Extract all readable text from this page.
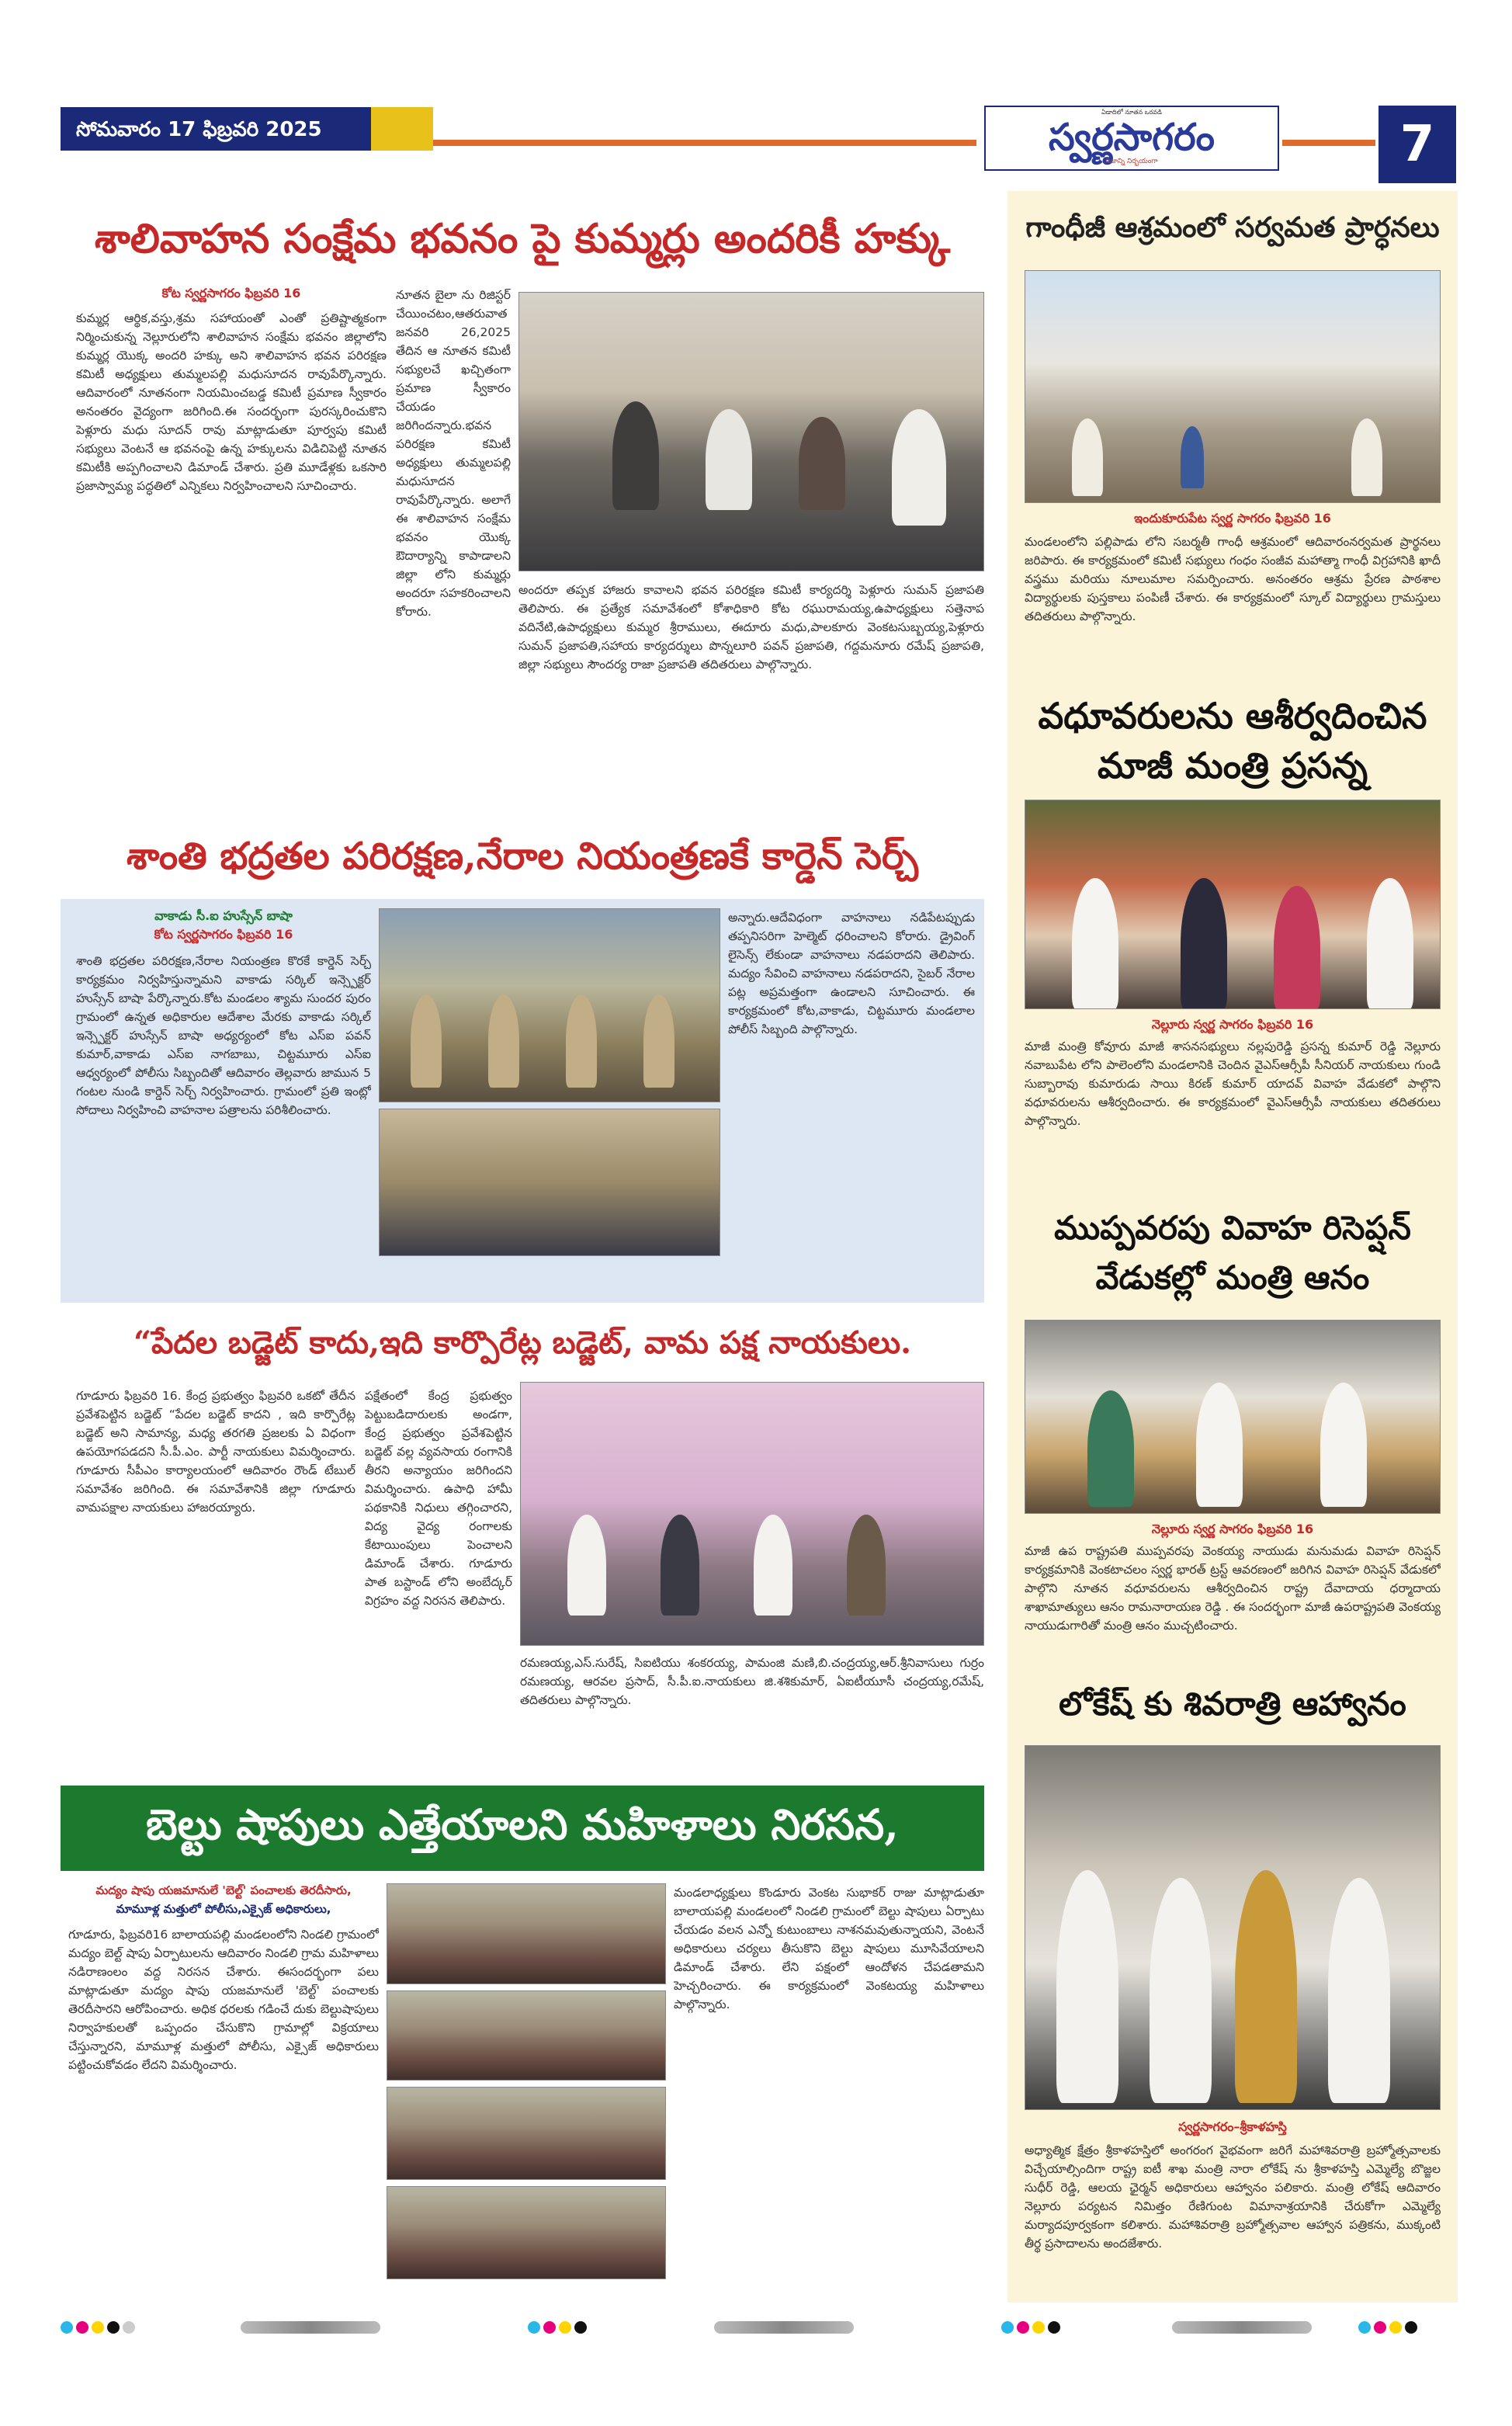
సోమవారం 17 ఫిబ్రవరి 2025
ఏడాదిలో నూతన ఒరవడి
స్వర్ణసాగరం
నిజాన్ని నిర్భయంగా	7
శాలివాహన సంక్షేమ భవనం పై కుమ్మర్లు అందరికీ హక్కు
కోట స్వర్ణసాగరం ఫిబ్రవరి 16
కుమ్మర్ల ఆర్థిక,వస్తు,శ్రమ సహాయంతో ఎంతో ప్రతిష్టాత్మకంగా నిర్మించుకున్న నెల్లూరులోని శాలివాహన సంక్షేమ భవనం జిల్లాలోని కుమ్మర్ల యొక్క అందరి హక్కు అని శాలివాహన భవన పరిరక్షణ కమిటీ అధ్యక్షులు తుమ్మలపల్లి మధుసూదన రావుపేర్కొన్నారు. ఆదివారంలో నూతనంగా నియమించబడ్డ కమిటీ ప్రమాణ స్వీకారం అనంతరం వైద్యంగా జరిగింది.ఈ సందర్భంగా పురస్కరించుకొని పెళ్లూరు మధు సూదన్ రావు మాట్లాడుతూ పూర్వపు కమిటీ సభ్యులు వెంటనే ఆ భవనంపై ఉన్న హక్కులను విడిచిపెట్టి నూతన కమిటీకి అప్పగించాలని డిమాండ్ చేశారు. ప్రతి మూడేళ్లకు ఒకసారి ప్రజాస్వామ్య పద్ధతిలో ఎన్నికలు నిర్వహించాలని సూచించారు.
నూతన బైలా ను రిజిస్టర్ చేయించటం,ఆతరువాత జనవరి 26,2025 తేదిన ఆ నూతన కమిటీ సభ్యులచే ఖచ్చితంగా ప్రమాణ స్వీకారం చేయడం జరిగిందన్నారు.భవన పరిరక్షణ కమిటీ అధ్యక్షులు తుమ్మలపల్లి మధుసూదన రావుపేర్కొన్నారు. అలాగే ఈ శాలివాహన సంక్షేమ భవనం యొక్క ఔదార్యాన్ని కాపాడాలని జిల్లా లోని కుమ్మర్లు అందరూ సహకరించాలని కోరారు.
అందరూ తప్పక హాజరు కావాలని భవన పరిరక్షణ కమిటీ కార్యదర్శి పెళ్లూరు సుమన్ ప్రజాపతి తెలిపారు. ఈ ప్రత్యేక సమావేశంలో కోశాధికారి కోట రఘురామయ్య,ఉపాధ్యక్షులు సత్తెనాప వదినేటి,ఉపాధ్యక్షులు కుమ్మర శ్రీరాములు, ఈదూరు మధు,పాలకూరు వెంకటసుబ్బయ్య,పెళ్లూరు సుమన్ ప్రజాపతి,సహాయ కార్యదర్శులు పొన్నలూరి పవన్ ప్రజాపతి, గద్దమనూరు రమేష్ ప్రజాపతి, జిల్లా సభ్యులు సౌందర్య రాజా ప్రజాపతి తదితరులు పాల్గొన్నారు.
శాంతి భద్రతల పరిరక్షణ,నేరాల నియంత్రణకే కార్డెన్ సెర్చ్
వాకాడు సీ.ఐ హుస్సేన్ బాషా
కోట స్వర్ణసాగరం ఫిబ్రవరి 16
శాంతి భద్రతల పరిరక్షణ,నేరాల నియంత్రణ కొరకే కార్డెన్ సెర్చ్ కార్యక్రమం నిర్వహిస్తున్నామని వాకాడు సర్కిల్ ఇన్స్పెక్టర్ హుస్సేన్ బాషా పేర్కొన్నారు.కోట మండలం శ్యామ సుందర పురం గ్రామంలో ఉన్నత అధికారుల ఆదేశాల మేరకు వాకాడు సర్కిల్ ఇన్స్పెక్టర్ హుస్సేన్ బాషా అధ్యర్యంలో కోట ఎస్ఐ పవన్ కుమార్,వాకాడు ఎస్ఐ నాగబాబు, చిట్టమూరు ఎస్ఐ ఆధ్వర్యంలో పోలీసు సిబ్బందితో ఆదివారం తెల్లవారు జామున 5 గంటల నుండి కార్డెన్ సెర్చ్ నిర్వహించారు. గ్రామంలో ప్రతి ఇంట్లో సోదాలు నిర్వహించి వాహనాల పత్రాలను పరిశీలించారు.
అన్నారు.ఆదేవిధంగా వాహనాలు నడిపేటప్పుడు తప్పనిసరిగా హెల్మెట్ ధరించాలని కోరారు. డ్రైవింగ్ లైసెన్స్ లేకుండా వాహనాలు నడపరాదని తెలిపారు. మద్యం సేవించి వాహనాలు నడపరాదని, సైబర్ నేరాల పట్ల అప్రమత్తంగా ఉండాలని సూచించారు. ఈ కార్యక్రమంలో కోట,వాకాడు, చిట్టమూరు మండలాల పోలీస్ సిబ్బంది పాల్గొన్నారు.
“పేదల బడ్జెట్ కాదు,ఇది కార్పొరేట్ల బడ్జెట్, వామ పక్ష నాయకులు.
గూడూరు ఫిబ్రవరి 16. కేంద్ర ప్రభుత్వం ఫిబ్రవరి ఒకటో తేదీన ప్రవేశపెట్టిన బడ్జెట్ “పేదల బడ్జెట్ కాదని , ఇది కార్పొరేట్ల బడ్జెట్ అని సామాన్య, మధ్య తరగతి ప్రజలకు ఏ విధంగా ఉపయోగపడదని సీ.పీ.ఎం. పార్టీ నాయకులు విమర్శించారు. గూడూరు సీపీఎం కార్యాలయంలో ఆదివారం రౌండ్ టేబుల్ సమావేశం జరిగింది. ఈ సమావేశానికి జిల్లా గూడూరు వామపక్షాల నాయకులు హాజరయ్యారు.
పక్షేతంలో కేంద్ర ప్రభుత్వం పెట్టుబడిదారులకు అండగా, కేంద్ర ప్రభుత్వం ప్రవేశపెట్టిన బడ్జెట్ వల్ల వ్యవసాయ రంగానికి తీరని అన్యాయం జరిగిందని విమర్శించారు. ఉపాధి హామీ పథకానికి నిధులు తగ్గించారని, విద్య వైద్య రంగాలకు కేటాయింపులు పెంచాలని డిమాండ్ చేశారు. గూడూరు పాత బస్టాండ్ లోని అంబేద్కర్ విగ్రహం వద్ద నిరసన తెలిపారు.
రమణయ్య,ఎస్.సురేష్, సిఐటియు శంకరయ్య, పామంజి మణి,బి.చంద్రయ్య,ఆర్.శ్రీనివాసులు గుర్రం రమణయ్య, ఆరవల ప్రసాద్, సీ.పీ.ఐ.నాయకులు జి.శశికుమార్, ఏఐటీయూసీ చంద్రయ్య,రమేష్, తదితరులు పాల్గొన్నారు.
బెల్టు షాపులు ఎత్తేయాలని మహిళాలు నిరసన,
మద్యం షాపు యజమానులే 'బెల్ట్' పంచాలకు తెరదీసారు,
మామూళ్ల మత్తులో పోలీసు,ఎక్సైజ్ అధికారులు,
గూడూరు, ఫిబ్రవరి16 బాలాయపల్లి మండలంలోని నిండలి గ్రామంలో మద్యం బెల్ట్ షాపు ఏర్పాటులను ఆదివారం నిండలి గ్రామ మహిళాలు నడిరాణంలం వద్ద నిరసన చేశారు. ఈసందర్భంగా పలు మాట్లాడుతూ మద్యం షాపు యజమానులే 'బెల్ట్' పంచాలకు తెరదీసారని ఆరోపించారు. అధిక ధరలకు గడించే దుకు బెల్టుషాపులు నిర్వాహకులతో ఒప్పందం చేసుకొని గ్రామాల్లో విక్రయాలు చేస్తున్నారని, మామూళ్ల మత్తులో పోలీసు, ఎక్సైజ్ అధికారులు పట్టించుకోవడం లేదని విమర్శించారు.
మండలాధ్యక్షులు కొండూరు వెంకట సుభాకర్ రాజు మాట్లాడుతూ బాలాయపల్లి మండలంలో నిండలి గ్రామంలో బెల్టు షాపులు ఏర్పాటు చేయడం వలన ఎన్నో కుటుంబాలు నాశనమవుతున్నాయని, వెంటనే అధికారులు చర్యలు తీసుకొని బెల్టు షాపులు మూసివేయాలని డిమాండ్ చేశారు. లేని పక్షంలో ఆందోళన చేపడతామని హెచ్చరించారు. ఈ కార్యక్రమంలో వెంకటయ్య మహిళాలు పాల్గొన్నారు.
గాంధీజీ ఆశ్రమంలో సర్వమత ప్రార్ధనలు
ఇందుకూరుపేట స్వర్ణ సాగరం ఫిబ్రవరి 16
మండలంలోని పల్లిపాడు లోని సబర్మతీ గాంధీ ఆశ్రమంలో ఆదివారంనర్వమత ప్రార్థనలు జరిపారు. ఈ కార్యక్రమంలో కమిటీ సభ్యులు గంధం సంజీవ మహాత్మా గాంధీ విగ్రహానికి ఖాదీ వస్త్రము మరియు నూలుమాల సమర్పించారు. అనంతరం ఆశ్రమ ప్రేరణ పాఠశాల విద్యార్థులకు పుస్తకాలు పంపిణీ చేశారు. ఈ కార్యక్రమంలో స్కూల్ విద్యార్థులు గ్రామస్తులు తదితరులు పాల్గొన్నారు.
వధూవరులను ఆశీర్వదించిన మాజీ మంత్రి ప్రసన్న
నెల్లూరు స్వర్ణ సాగరం ఫిబ్రవరి 16
మాజీ మంత్రి కోవూరు మాజీ శాసనసభ్యులు నల్లపురెడ్డి ప్రసన్న కుమార్ రెడ్డి నెల్లూరు నవాబుపేట లోని పాలెంలోని మండలానికి చెందిన వైఎస్ఆర్సీపీ సీనియర్ నాయకులు గుండి సుబ్బారావు కుమారుడు సాయి కిరణ్ కుమార్ యాదవ్ వివాహ వేడుకలో పాల్గొని వధూవరులను ఆశీర్వదించారు. ఈ కార్యక్రమంలో వైఎస్ఆర్సీపీ నాయకులు తదితరులు పాల్గొన్నారు.
ముప్పవరపు వివాహ రిసెప్షన్
వేడుకల్లో మంత్రి ఆనం
నెల్లూరు స్వర్ణ సాగరం ఫిబ్రవరి 16
మాజీ ఉప రాష్ట్రపతి ముప్పవరపు వెంకయ్య నాయుడు మనుమడు వివాహ రిసెప్షన్ కార్యక్రమానికి వెంకటాచలం స్వర్ణ భారత్ ట్రస్ట్ ఆవరణంలో జరిగిన వివాహ రిసెప్షన్ వేడుకలో పాల్గొని నూతన వధూవరులను ఆశీర్వదించిన రాష్ట్ర దేవాదాయ ధర్మాదాయ శాఖామాత్యులు ఆనం రామనారాయణ రెడ్డి . ఈ సందర్భంగా మాజీ ఉపరాష్ట్రపతి వెంకయ్య నాయుడుగారితో మంత్రి ఆనం ముచ్చటించారు.
లోకేష్ కు శివరాత్రి ఆహ్వానం
స్వర్ణసాగరం–శ్రీకాళహస్తి
అధ్యాత్మిక క్షేత్రం శ్రీకాళహస్తిలో అంగరంగ వైభవంగా జరిగే మహాశివరాత్రి బ్రహ్మోత్సవాలకు విచ్చేయాల్సిందిగా రాష్ట్ర ఐటీ శాఖ మంత్రి నారా లోకేష్ ను శ్రీకాళహస్తి ఎమ్మెల్యే బొజ్జల సుధీర్ రెడ్డి, ఆలయ ఛైర్మన్ అధికారులు ఆహ్వానం పలికారు. మంత్రి లోకేష్ ఆదివారం నెల్లూరు పర్యటన నిమిత్తం రేణిగుంట విమానాశ్రయానికి చేరుకోగా ఎమ్మెల్యే మర్యాదపూర్వకంగా కలిశారు. మహాశివరాత్రి బ్రహ్మోత్సవాల ఆహ్వాన పత్రికను, ముక్కంటి తీర్థ ప్రసాదాలను అందజేశారు.
